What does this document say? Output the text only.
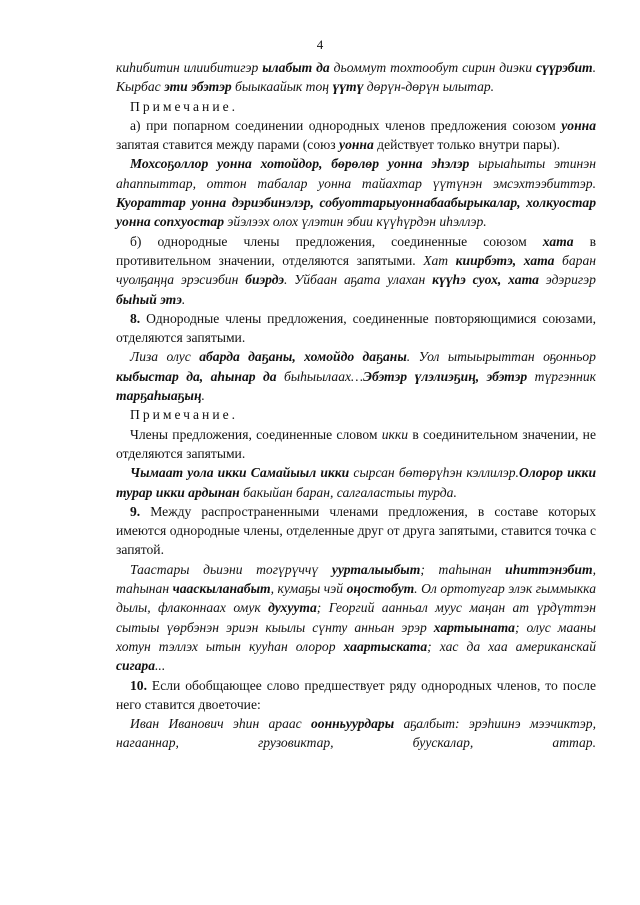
4

киһибитин илиибитигэр ылабыт да дьоммут тохтообут сирин диэки сүүрэбит. Кырбас эти эбэтэр быыкаайык тоң үүтү дөрүн-дөрүн ылытар.

Примечание.

а) при попарном соединении однородных членов предложения союзом уонна запятая ставится между парами (союз уонна действует только внутри пары).

Мохсоҕоллор уонна хотойдор, бөрөлөр уонна эһэлэр ырыаһыты этинэн аһаппыттар, оттон табалар уонна тайахтар үүтүнэн эмсэхтээбиттэр. Куораттар уонна дэриэбинэлэр, собуоттарыуоннабаабырыкалар, холкуостар уонна сопхуостар эйэлээх олох үлэтин эбии күүһүрдэн иһэллэр.

б) однородные члены предложения, соединенные союзом хата в противительном значении, отделяются запятыми. Хат киирбэтэ, хата баран чуолҕаңңа эрэсиэбин биэрдэ. Уйбаан аҕата улахан күүһэ суох, хата эдэригэр быһый этэ.

8. Однородные члены предложения, соединенные повторяющимися союзами, отделяются запятыми.

Лиза олус абарда даҕаны, хомойдо даҕаны. Уол ытыырыттан оҕонньор кыбыстар да, аһынар да быһыылаах…Эбэтэр үлэлиэҕиң, эбэтэр түргэнник тарҕаһыаҕың.

Примечание.

Члены предложения, соединенные словом икки в соединительном значении, не отделяются запятыми.

Чымаат уола икки Самайыыл икки сырсан бөтөрүһэн кэллилэр.Олорор икки турар икки ардынан бакыйан баран, салгаластыы турда.

9. Между распространенными членами предложения, в составе которых имеются однородные члены, отделенные друг от друга запятыми, ставится точка с запятой.

Таастары дьиэни тогүрүччү уурталыыбыт; таһынан иһиттэнэбит, таһынан чааскыланабыт, кумаҕы чэй оңостобут. Ол ортотугар элэк гыммыкка дылы, флаконнаах омук духуута; Георгий аанньал муус маңан ат үрдүттэн сытыы үөрбэнэн эриэн кыылы сүнту анньан эрэр хартыыната; олус мааны хотун тэллэх ытын кууһан олорор хаартыската; хас да хаа американскай сигара...

10. Если обобщающее слово предшествует ряду однородных членов, то после него ставится двоеточие:

Иван Иванович эһин араас оонньуурдары аҕалбыт: эрэһиинэ мээчиктэр, нагааннар, грузовиктар, буускалар, аттар.
